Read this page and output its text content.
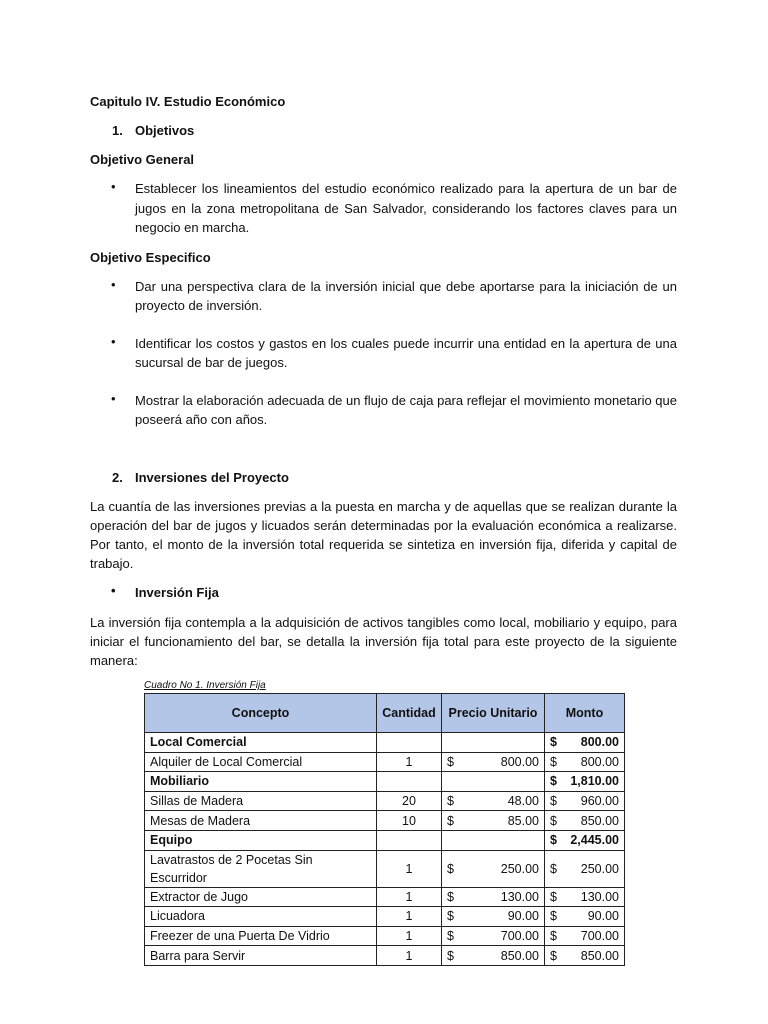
Capitulo IV. Estudio Económico

1. Objetivos

Objetivo General

•	Establecer los lineamientos del estudio económico realizado para la apertura de un bar de jugos en la zona metropolitana de San Salvador, considerando los factores claves para un negocio en marcha.

Objetivo Especifico

•	Dar una perspectiva clara de la inversión inicial que debe aportarse para la iniciación de un proyecto de inversión.
•	Identificar los costos y gastos en los cuales puede incurrir una entidad en la apertura de una sucursal de bar de juegos.
•	Mostrar la elaboración adecuada de un flujo de caja para reflejar el movimiento monetario que poseerá año con años.
2. Inversiones del Proyecto

La cuantía de las inversiones previas a la puesta en marcha y de aquellas que se realizan durante la operación del bar de jugos y licuados serán determinadas por la evaluación económica a realizarse. Por tanto, el monto de la inversión total requerida se sintetiza en inversión fija, diferida y capital de trabajo.

•	Inversión Fija

La inversión fija contempla a la adquisición de activos tangibles como local, mobiliario y equipo, para iniciar el funcionamiento del bar, se detalla la inversión fija total para este proyecto de la siguiente manera:

Cuadro No 1. Inversión Fija
Concepto	Cantidad	Precio Unitario	Monto
Local Comercial			$ 800.00

Alquiler de Local Comercial	1	$ 800.00	$ 800.00

Mobiliario			$ 1,810.00

Sillas de Madera	20	$ 48.00	$ 960.00

Mesas de Madera	10	$ 85.00	$ 850.00

Equipo			$ 2,445.00

Lavatrastos de 2 Pocetas Sin Escurridor	1	$ 250.00	$ 250.00

Extractor de Jugo	1	$ 130.00	$ 130.00

Licuadora	1	$ 90.00	$ 90.00

Freezer de una Puerta De Vidrio	1	$ 700.00	$ 700.00

Barra para Servir	1	$ 850.00	$ 850.00
